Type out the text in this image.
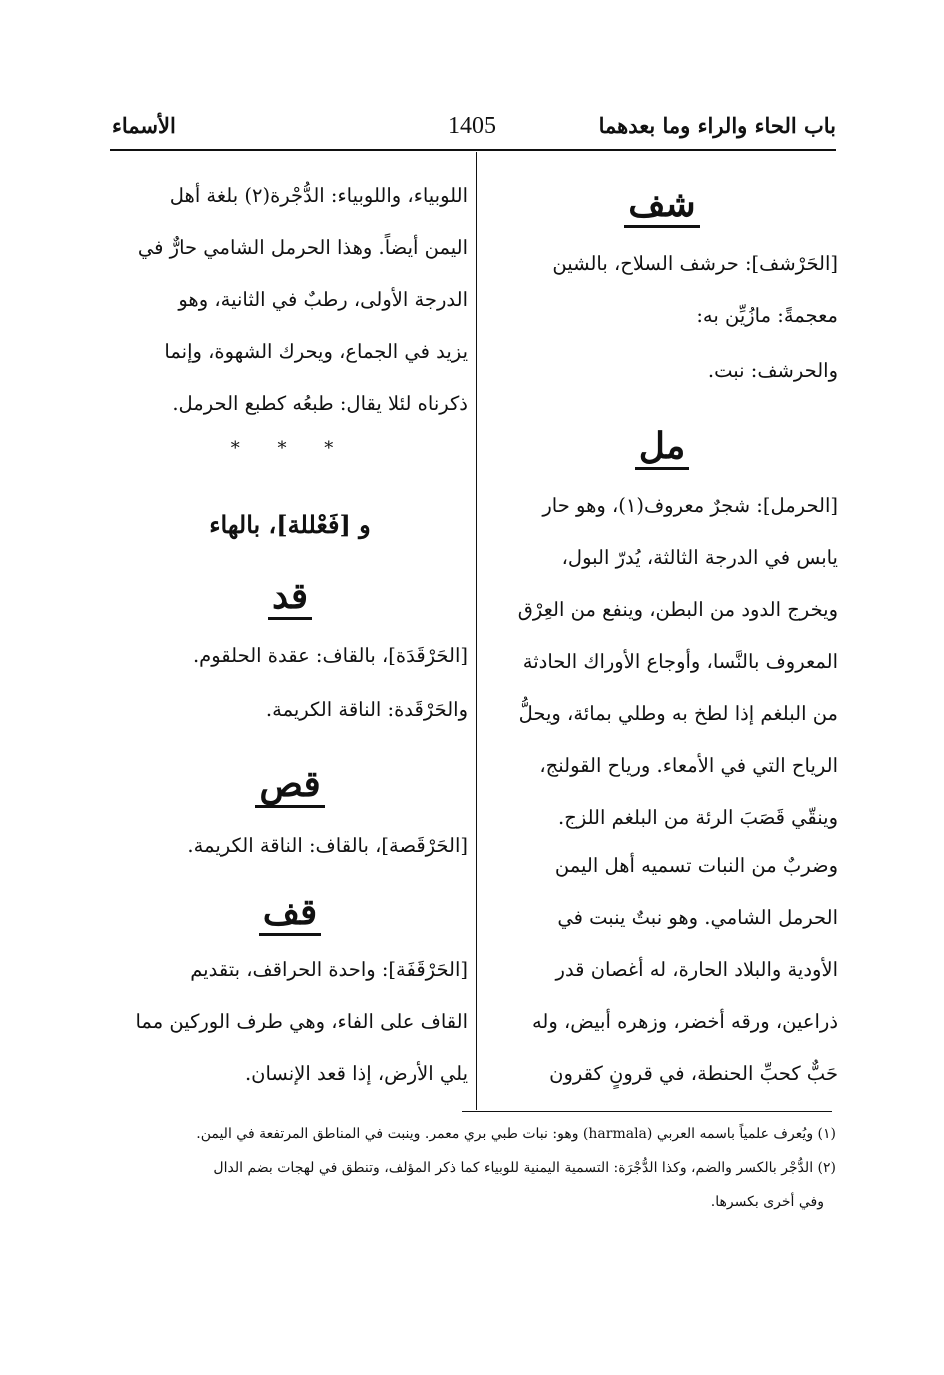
باب الحاء والراء وما بعدهما
1405
الأسماء
شف
[الحَرْشف]: حرشف السلاح، بالشين
معجمةً: مازُيِّن به:
والحرشف: نبت.
مل
[الحرمل]: شجرٌ معروف(١)، وهو حار
يابس في الدرجة الثالثة، يُدرّ البول،
ويخرج الدود من البطن، وينفع من العِرْق
المعروف بالنَّسا، وأوجاع الأوراك الحادثة
من البلغم إذا لطخ به وطلي بمائة، ويحلُّ
الرياح التي في الأمعاء. ورياح القولنج،
وينقّي قَصَبَ الرئة من البلغم اللزج.
وضربٌ من النبات تسميه أهل اليمن
الحرمل الشامي. وهو نبتٌ ينبت في
الأودية والبلاد الحارة، له أغصان قدر
ذراعين، ورقه أخضر، وزهره أبيض، وله
حَبٌّ كحبِّ الحنطة، في قرونٍ كقرون
اللوبياء، واللوبياء: الدُّجْرة(٢) بلغة أهل
اليمن أيضاً. وهذا الحرمل الشامي حارٌّ في
الدرجة الأولى، رطبٌ في الثانية، وهو
يزيد في الجماع، ويحرك الشهوة، وإنما
ذكرناه لئلا يقال: طبعُه كطبع الحرمل.
* * *
و [فَعْللة]، بالهاء
قد
[الحَرْقَدَة]، بالقاف: عقدة الحلقوم.
والحَرْقَدة: الناقة الكريمة.
قص
[الحَرْقَصة]، بالقاف: الناقة الكريمة.
قف
[الحَرْقَفَة]: واحدة الحراقف، بتقديم
القاف على الفاء، وهي طرف الوركين مما
يلي الأرض، إذا قعد الإنسان.
(١) ويُعرف علمياً باسمه العربي (harmala) وهو: نبات طبي بري معمر. وينبت في المناطق المرتفعة في اليمن.
(٢) الدُّجْر بالكسر والضم، وكذا الدُّجْرَة: التسمية اليمنية للوبياء كما ذكر المؤلف، وتنطق في لهجات بضم الدال
وفي أخرى بكسرها.
